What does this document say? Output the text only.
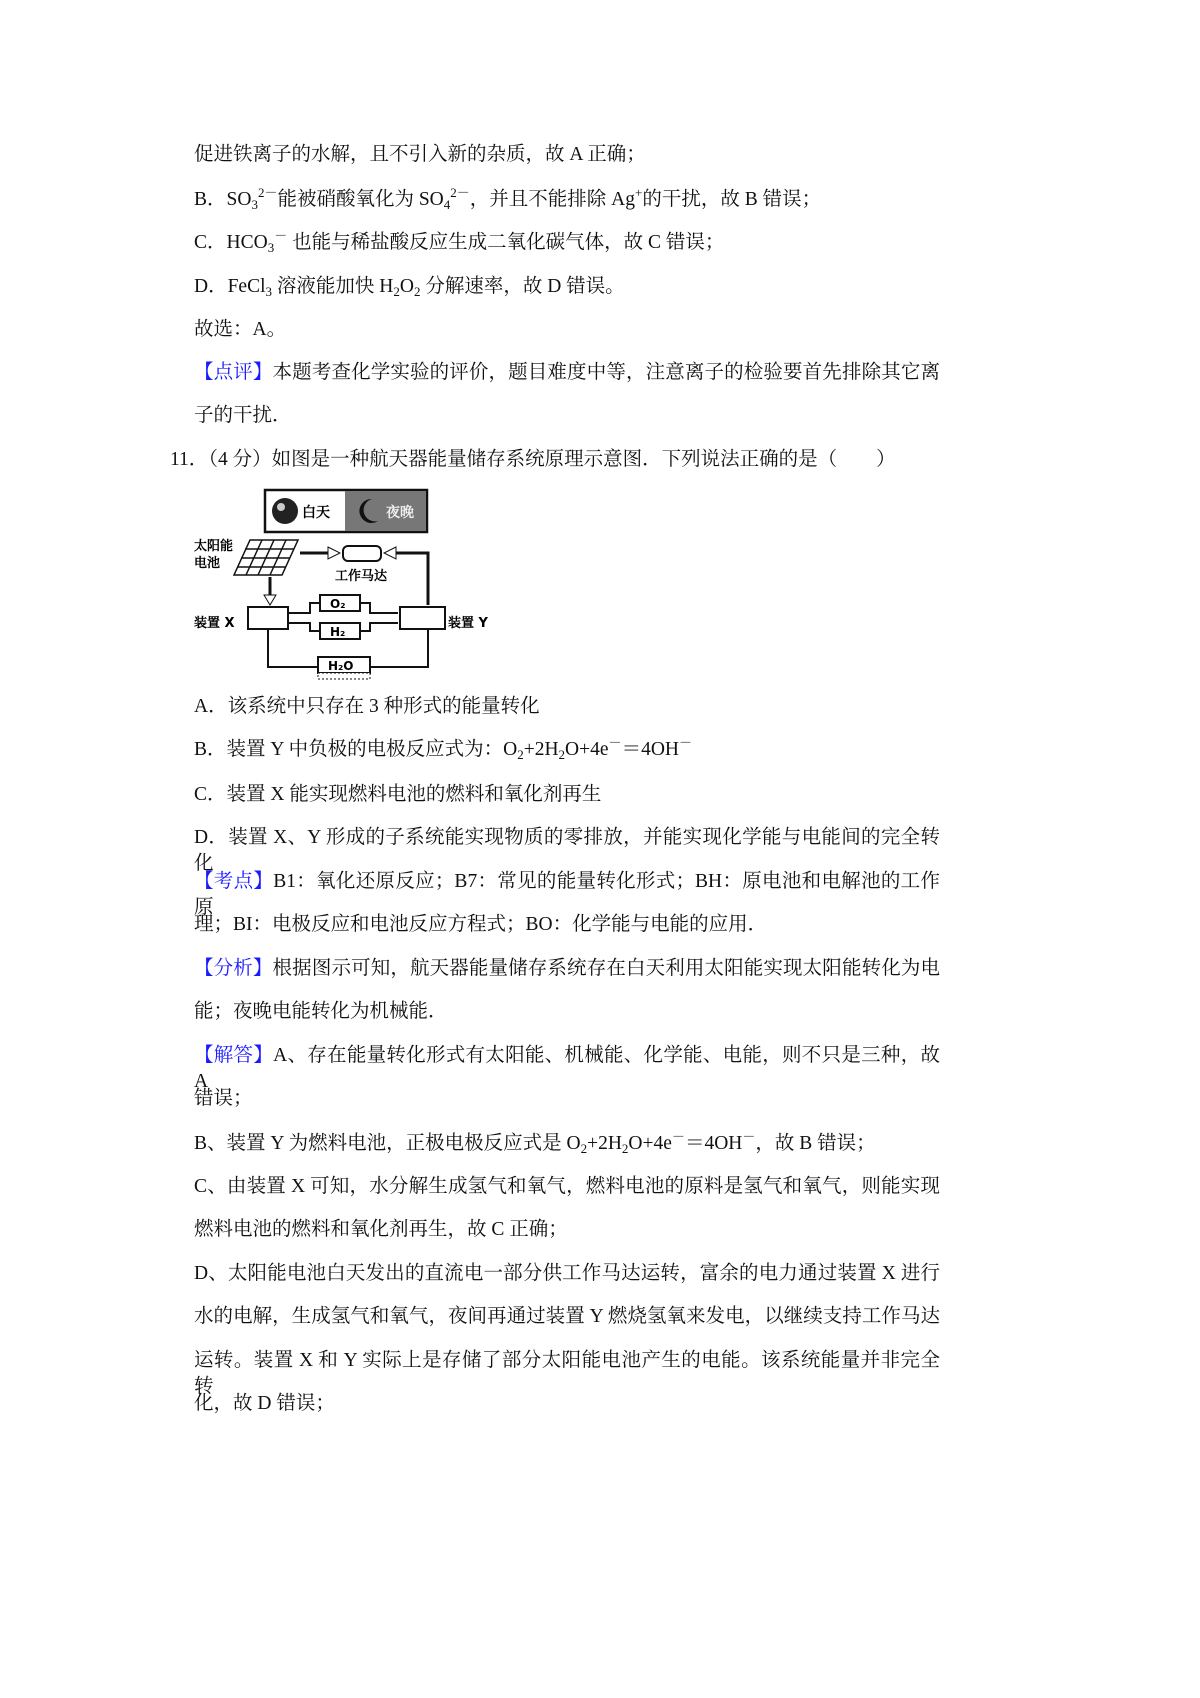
促进铁离子的水解，且不引入新的杂质，故 A 正确；
B．$SO_3^{2-}$能被硝酸氧化为 $SO_4^{2-}$，并且不能排除 Ag+的干扰，故 B 错误；
C．$HCO_3^-$ 也能与稀盐酸反应生成二氧化碳气体，故 C 错误；
D．FeCl$_3$ 溶液能加快 $H_2O_2$ 分解速率，故 D 错误。
故选：A。
【点评】本题考查化学实验的评价，题目难度中等，注意离子的检验要首先排除其它离
子的干扰．
11．（4 分）如图是一种航天器能量储存系统原理示意图．下列说法正确的是（　　）
白天	夜晚
太阳能
电池
工作马达
装置 X	装置 Y
O₂
H₂
H₂O
A．该系统中只存在 3 种形式的能量转化
B．装置 Y 中负极的电极反应式为：$O_2+2H_2O+4e^-=4OH^-$
C．装置 X 能实现燃料电池的燃料和氧化剂再生
D．装置 X、Y 形成的子系统能实现物质的零排放，并能实现化学能与电能间的完全转化
【考点】B1：氧化还原反应；B7：常见的能量转化形式；BH：原电池和电解池的工作原
理；BI：电极反应和电池反应方程式；BO：化学能与电能的应用．
【分析】根据图示可知，航天器能量储存系统存在白天利用太阳能实现太阳能转化为电
能；夜晚电能转化为机械能．
【解答】A、存在能量转化形式有太阳能、机械能、化学能、电能，则不只是三种，故 A
错误；
B、装置 Y 为燃料电池，正极电极反应式是 $O_2+2H_2O+4e^-=4OH^-$，故 B 错误；
C、由装置 X 可知，水分解生成氢气和氧气，燃料电池的原料是氢气和氧气，则能实现
燃料电池的燃料和氧化剂再生，故 C 正确；
D、太阳能电池白天发出的直流电一部分供工作马达运转，富余的电力通过装置 X 进行
水的电解，生成氢气和氧气，夜间再通过装置 Y 燃烧氢氧来发电，以继续支持工作马达
运转。装置 X 和 Y 实际上是存储了部分太阳能电池产生的电能。该系统能量并非完全转
化，故 D 错误；
